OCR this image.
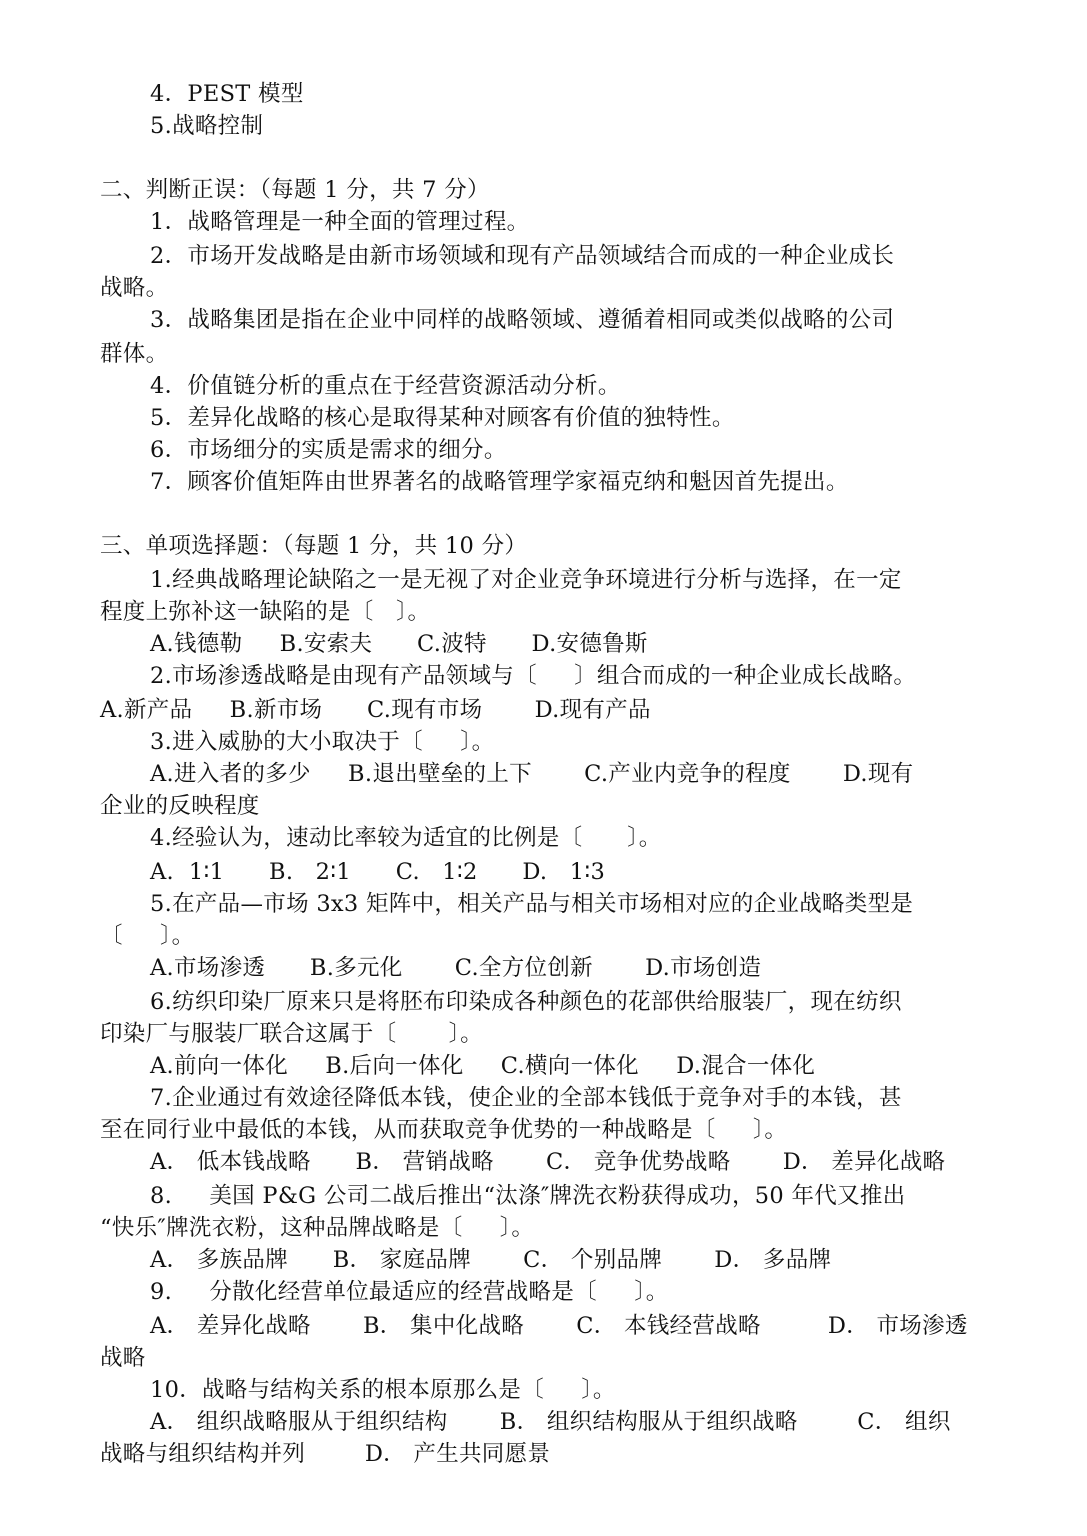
4．PEST 模型
5.战略控制
二、判断正误：（每题 1 分，共 7 分）
1．战略管理是一种全面的管理过程。
2．市场开发战略是由新市场领域和现有产品领域结合而成的一种企业成长
战略。
3．战略集团是指在企业中同样的战略领域、遵循着相同或类似战略的公司
群体。
4．价值链分析的重点在于经营资源活动分析。
5．差异化战略的核心是取得某种对顾客有价值的独特性。
6．市场细分的实质是需求的细分。
7．顾客价值矩阵由世界著名的战略管理学家福克纳和魁因首先提出。
三、单项选择题：（每题 1 分，共 10 分）
1.经典战略理论缺陷之一是无视了对企业竞争环境进行分析与选择，在一定
程度上弥补这一缺陷的是〔   〕。
A.钱德勒     B.安索夫      C.波特      D.安德鲁斯
2.市场渗透战略是由现有产品领域与〔     〕组合而成的一种企业成长战略。
A.新产品     B.新市场      C.现有市场       D.现有产品
3.进入威胁的大小取决于〔     〕。
A.进入者的多少     B.退出壁垒的上下       C.产业内竞争的程度       D.现有
企业的反映程度
4.经验认为，速动比率较为适宜的比例是〔      〕。
A.  1∶1      B.   2∶1      C.   1∶2      D.   1∶3
5.在产品—市场 3x3 矩阵中，相关产品与相关市场相对应的企业战略类型是
〔     〕。
A.市场渗透      B.多元化       C.全方位创新       D.市场创造
6.纺织印染厂原来只是将胚布印染成各种颜色的花部供给服装厂，现在纺织
印染厂与服装厂联合这属于〔       〕。
A.前向一体化     B.后向一体化     C.横向一体化     D.混合一体化
7.企业通过有效途径降低本钱，使企业的全部本钱低于竞争对手的本钱，甚
至在同行业中最低的本钱，从而获取竞争优势的一种战略是〔     〕。
A． 低本钱战略      B． 营销战略       C． 竞争优势战略       D． 差异化战略
8.     美国 P&G 公司二战后推出“汰涤″牌洗衣粉获得成功，50 年代又推出
“快乐″牌洗衣粉，这种品牌战略是〔     〕。
A． 多族品牌      B． 家庭品牌       C． 个别品牌       D． 多品牌
9.     分散化经营单位最适应的经营战略是〔     〕。
A． 差异化战略       B． 集中化战略       C． 本钱经营战略         D． 市场渗透
战略
10．战略与结构关系的根本原那么是〔     〕。
A． 组织战略服从于组织结构       B． 组织结构服从于组织战略        C． 组织
战略与组织结构并列        D． 产生共同愿景
